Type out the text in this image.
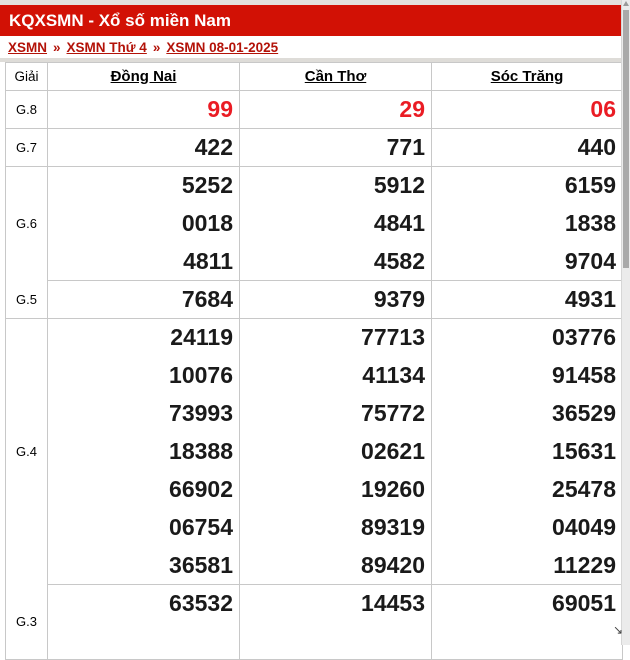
KQXSMN - Xổ số miền Nam
XSMN » XSMN Thứ 4 » XSMN 08-01-2025
Giải	Đồng Nai	Cần Thơ	Sóc Trăng
G.8	99	29	06
G.7	422	771	440
G.6	5252	5912	6159
	0018	4841	1838
	4811	4582	9704
G.5	7684	9379	4931
G.4	24119	77713	03776
	10076	41134	91458
	73993	75772	36529
	18388	02621	15631
	66902	19260	25478
	06754	89319	04049
	36581	89420	11229
G.3	63532	14453	69051
↘
